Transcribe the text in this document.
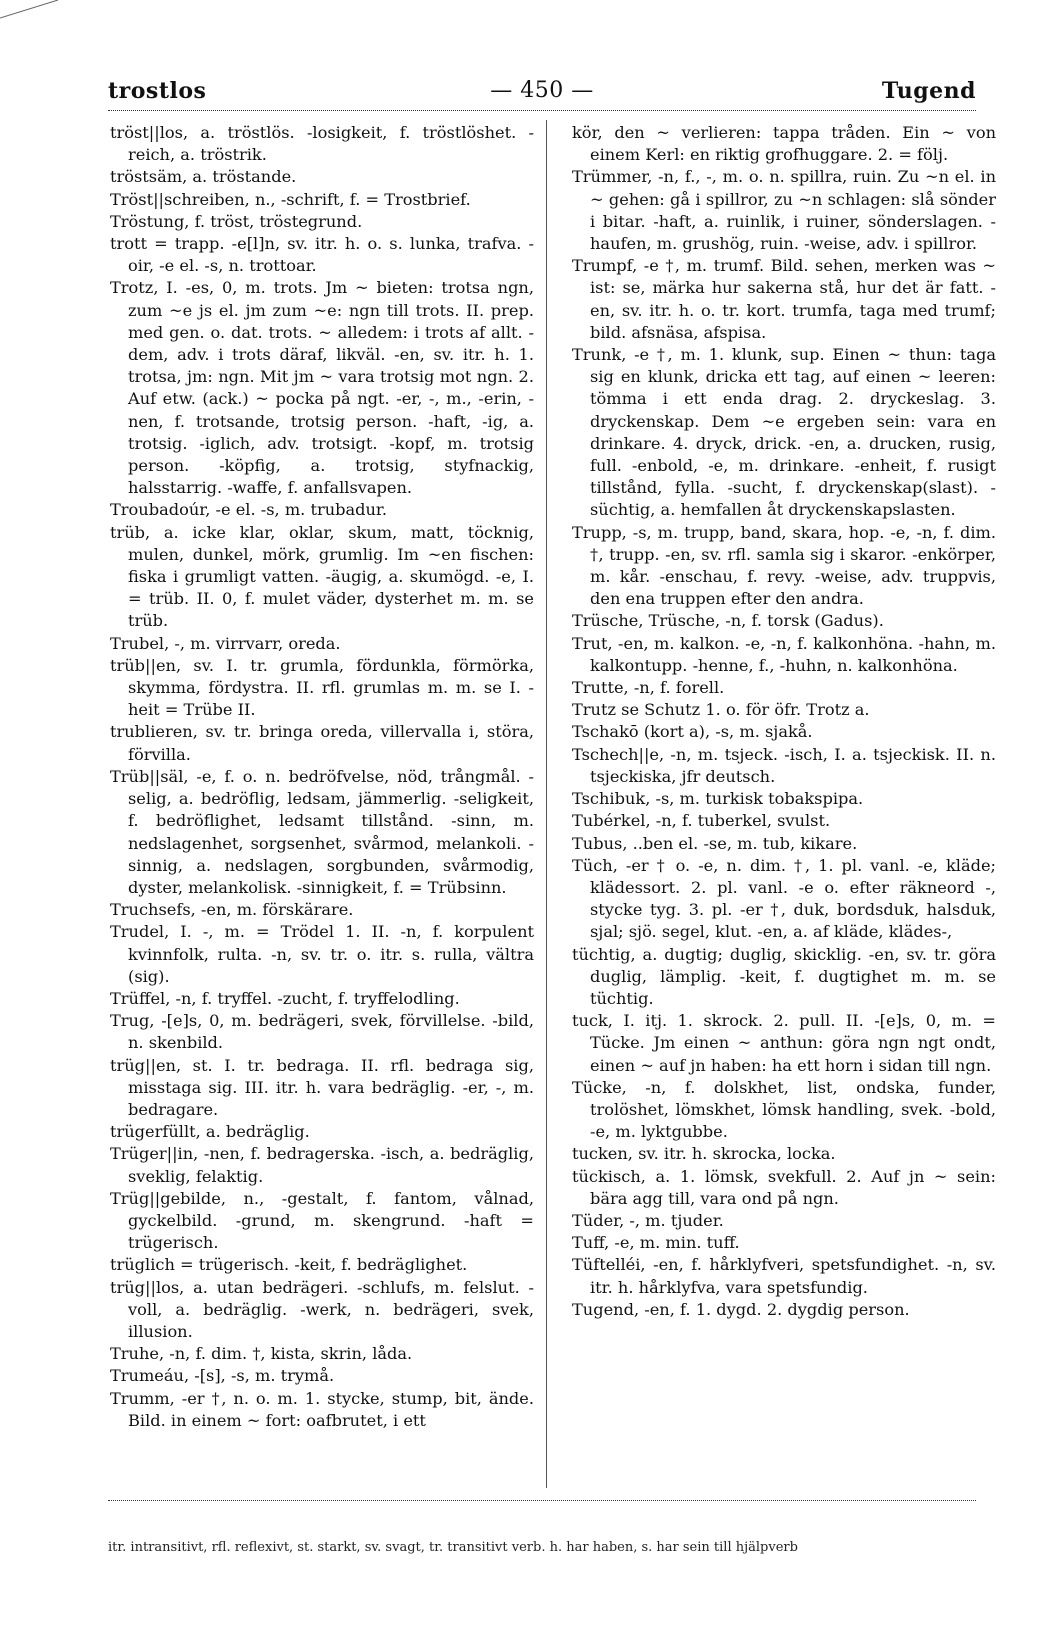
trostlos	— 450 —	Tugend

tröst||los, a. tröstlös. -losigkeit, f. tröstlöshet. -reich, a. tröstrik.

tröstsäm, a. tröstande.

Tröst||schreiben, n., -schrift, f. = Trostbrief.

Tröstung, f. tröst, tröstegrund.

trott = trapp. -e[l]n, sv. itr. h. o. s. lunka, trafva. -oir, -e el. -s, n. trottoar.

Trotz, I. -es, 0, m. trots. Jm ~ bieten: trotsa ngn, zum ~e js el. jm zum ~e: ngn till trots. II. prep. med gen. o. dat. trots. ~ alledem: i trots af allt. -dem, adv. i trots däraf, likväl. -en, sv. itr. h. 1. trotsa, jm: ngn. Mit jm ~ vara trotsig mot ngn. 2. Auf etw. (ack.) ~ pocka på ngt. -er, -, m., -erin, -nen, f. trotsande, trotsig person. -haft, -ig, a. trotsig. -iglich, adv. trotsigt. -kopf, m. trotsig person. -köpfig, a. trotsig, styfnackig, halsstarrig. -waffe, f. anfallsvapen.

Troubadoúr, -e el. -s, m. trubadur.

trüb, a. icke klar, oklar, skum, matt, töcknig, mulen, dunkel, mörk, grumlig. Im ~en fischen: fiska i grumligt vatten. -äugig, a. skumögd. -e, I. = trüb. II. 0, f. mulet väder, dysterhet m. m. se trüb.

Trubel, -, m. virrvarr, oreda.

trüb||en, sv. I. tr. grumla, fördunkla, förmörka, skymma, fördystra. II. rfl. grumlas m. m. se I. -heit = Trübe II.

trublieren, sv. tr. bringa oreda, villervalla i, störa, förvilla.

Trüb||säl, -e, f. o. n. bedröfvelse, nöd, trångmål. -selig, a. bedröflig, ledsam, jämmerlig. -seligkeit, f. bedröflighet, ledsamt tillstånd. -sinn, m. nedslagenhet, sorgsenhet, svårmod, melankoli. -sinnig, a. nedslagen, sorgbunden, svårmodig, dyster, melankolisk. -sinnigkeit, f. = Trübsinn.

Truchsefs, -en, m. förskärare.

Trudel, I. -, m. = Trödel 1. II. -n, f. korpulent kvinnfolk, rulta. -n, sv. tr. o. itr. s. rulla, vältra (sig).

Trüffel, -n, f. tryffel. -zucht, f. tryffelodling.

Trug, -[e]s, 0, m. bedrägeri, svek, förvillelse. -bild, n. skenbild.

trüg||en, st. I. tr. bedraga. II. rfl. bedraga sig, misstaga sig. III. itr. h. vara bedräglig. -er, -, m. bedragare.

trügerfüllt, a. bedräglig.

Trüger||in, -nen, f. bedragerska. -isch, a. bedräglig, sveklig, felaktig.

Trüg||gebilde, n., -gestalt, f. fantom, vålnad, gyckelbild. -grund, m. skengrund. -haft = trügerisch.

trüglich = trügerisch. -keit, f. bedräglighet.

trüg||los, a. utan bedrägeri. -schlufs, m. felslut. -voll, a. bedräglig. -werk, n. bedrägeri, svek, illusion.

Truhe, -n, f. dim. †, kista, skrin, låda.

Trumeáu, -[s], -s, m. trymå.

Trumm, -er †, n. o. m. 1. stycke, stump, bit, ände. Bild. in einem ~ fort: oafbrutet, i ett

kör, den ~ verlieren: tappa tråden. Ein ~ von einem Kerl: en riktig grofhuggare. 2. = följ.

Trümmer, -n, f., -, m. o. n. spillra, ruin. Zu ~n el. in ~ gehen: gå i spillror, zu ~n schlagen: slå sönder i bitar. -haft, a. ruinlik, i ruiner, sönderslagen. -haufen, m. grushög, ruin. -weise, adv. i spillror.

Trumpf, -e †, m. trumf. Bild. sehen, merken was ~ ist: se, märka hur sakerna stå, hur det är fatt. -en, sv. itr. h. o. tr. kort. trumfa, taga med trumf; bild. afsnäsa, afspisa.

Trunk, -e †, m. 1. klunk, sup. Einen ~ thun: taga sig en klunk, dricka ett tag, auf einen ~ leeren: tömma i ett enda drag. 2. dryckeslag. 3. dryckenskap. Dem ~e ergeben sein: vara en drinkare. 4. dryck, drick. -en, a. drucken, rusig, full. -enbold, -e, m. drinkare. -enheit, f. rusigt tillstånd, fylla. -sucht, f. dryckenskap(slast). -süchtig, a. hemfallen åt dryckenskapslasten.

Trupp, -s, m. trupp, band, skara, hop. -e, -n, f. dim. †, trupp. -en, sv. rfl. samla sig i skaror. -enkörper, m. kår. -enschau, f. revy. -weise, adv. truppvis, den ena truppen efter den andra.

Trüsche, Trüsche, -n, f. torsk (Gadus).

Trut, -en, m. kalkon. -e, -n, f. kalkonhöna. -hahn, m. kalkontupp. -henne, f., -huhn, n. kalkonhöna.

Trutte, -n, f. forell.

Trutz se Schutz 1. o. för öfr. Trotz a.

Tschakō (kort a), -s, m. sjakå.

Tschech||e, -n, m. tsjeck. -isch, I. a. tsjeckisk. II. n. tsjeckiska, jfr deutsch.

Tschibuk, -s, m. turkisk tobakspipa.

Tubérkel, -n, f. tuberkel, svulst.

Tubus, ..ben el. -se, m. tub, kikare.

Tüch, -er † o. -e, n. dim. †, 1. pl. vanl. -e, kläde; klädessort. 2. pl. vanl. -e o. efter räkneord -, stycke tyg. 3. pl. -er †, duk, bordsduk, halsduk, sjal; sjö. segel, klut. -en, a. af kläde, klädes-,

tüchtig, a. dugtig; duglig, skicklig. -en, sv. tr. göra duglig, lämplig. -keit, f. dugtighet m. m. se tüchtig.

tuck, I. itj. 1. skrock. 2. pull. II. -[e]s, 0, m. = Tücke. Jm einen ~ anthun: göra ngn ngt ondt, einen ~ auf jn haben: ha ett horn i sidan till ngn.

Tücke, -n, f. dolskhet, list, ondska, funder, trolöshet, lömskhet, lömsk handling, svek. -bold, -e, m. lyktgubbe.

tucken, sv. itr. h. skrocka, locka.

tückisch, a. 1. lömsk, svekfull. 2. Auf jn ~ sein: bära agg till, vara ond på ngn.

Tüder, -, m. tjuder.

Tuff, -e, m. min. tuff.

Tüftelléi, -en, f. hårklyfveri, spetsfundighet. -n, sv. itr. h. hårklyfva, vara spetsfundig.

Tugend, -en, f. 1. dygd. 2. dygdig person.

itr. intransitivt, rfl. reflexivt, st. starkt, sv. svagt, tr. transitivt verb. h. har haben, s. har sein till hjälpverb
